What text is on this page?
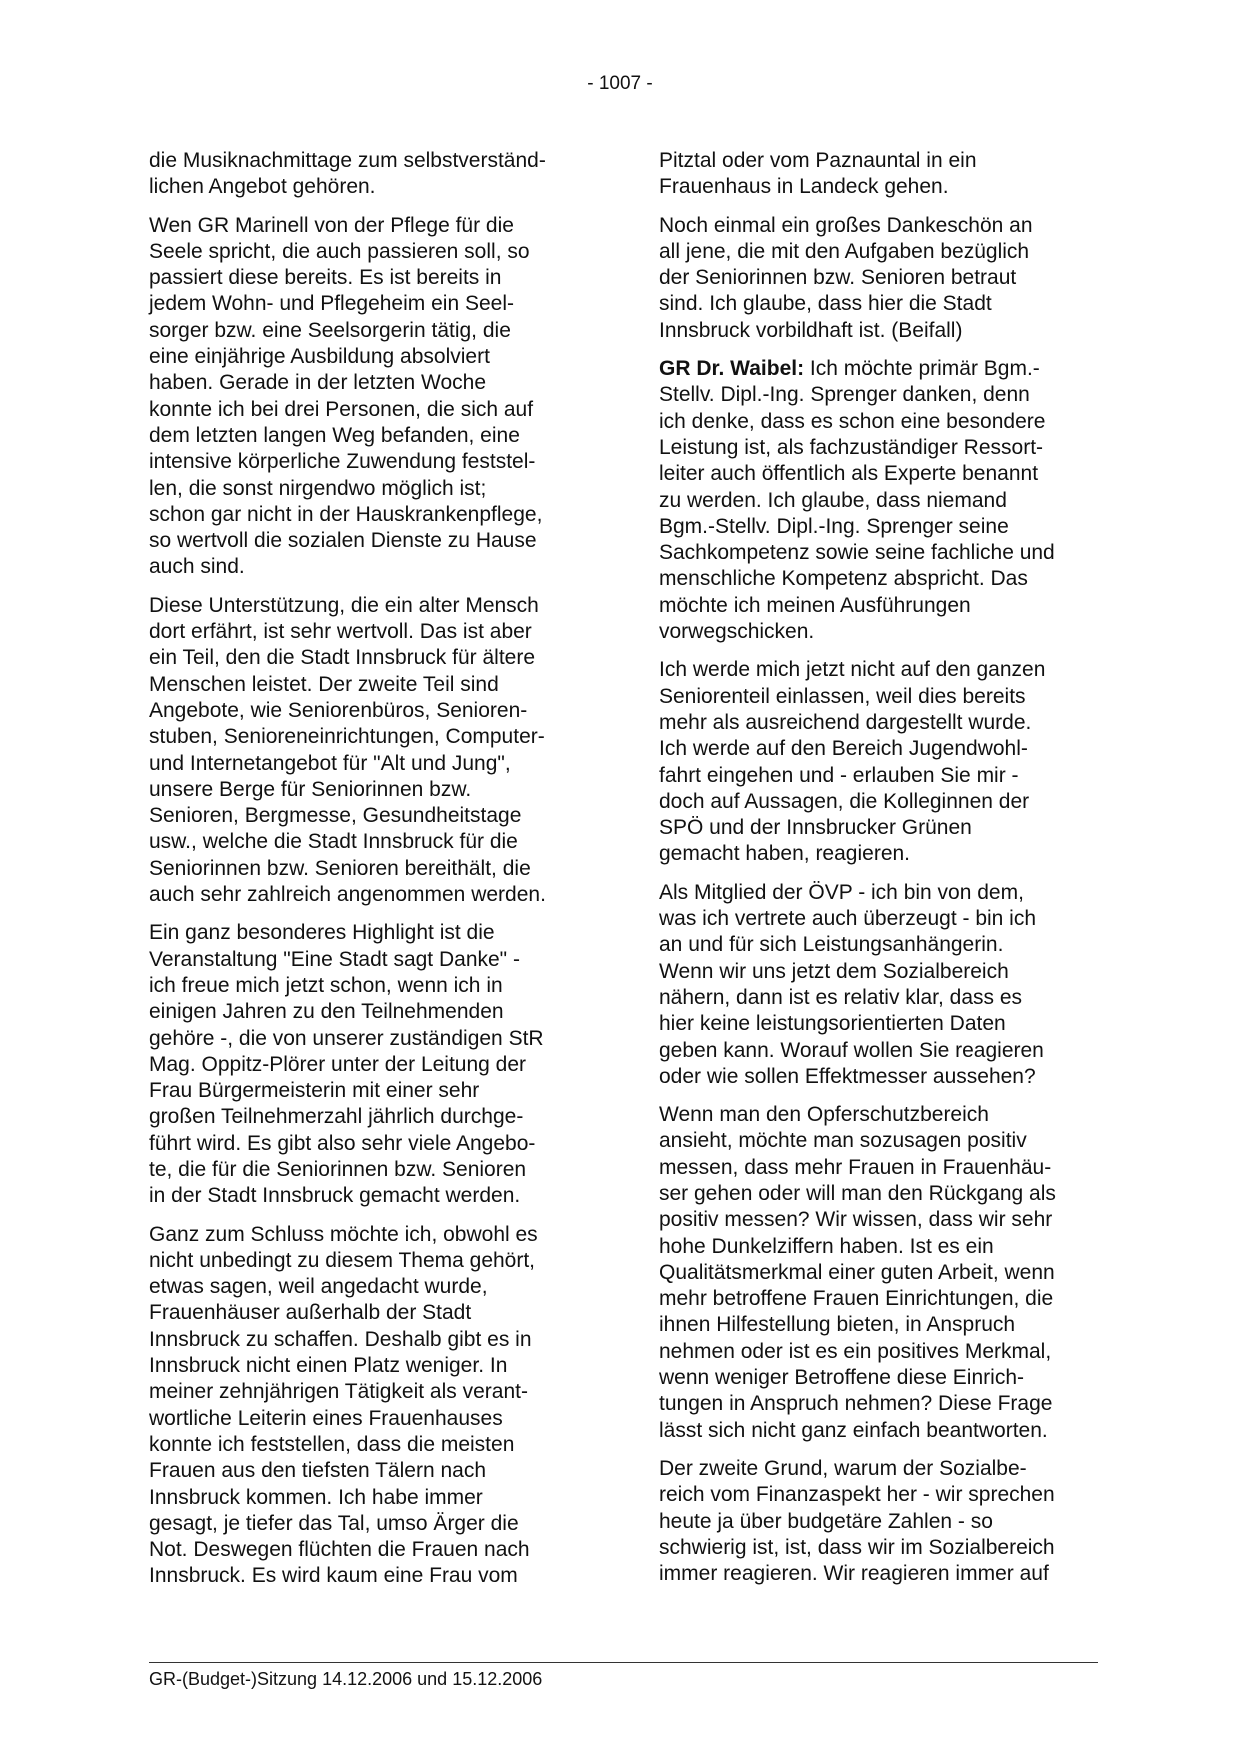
- 1007 -

die Musiknachmittage zum selbstverständ-
lichen Angebot gehören.

Wen GR Marinell von der Pflege für die
Seele spricht, die auch passieren soll, so
passiert diese bereits. Es ist bereits in
jedem Wohn- und Pflegeheim ein Seel-
sorger bzw. eine Seelsorgerin tätig, die
eine einjährige Ausbildung absolviert
haben. Gerade in der letzten Woche
konnte ich bei drei Personen, die sich auf
dem letzten langen Weg befanden, eine
intensive körperliche Zuwendung feststel-
len, die sonst nirgendwo möglich ist;
schon gar nicht in der Hauskrankenpflege,
so wertvoll die sozialen Dienste zu Hause
auch sind.

Diese Unterstützung, die ein alter Mensch
dort erfährt, ist sehr wertvoll. Das ist aber
ein Teil, den die Stadt Innsbruck für ältere
Menschen leistet. Der zweite Teil sind
Angebote, wie Seniorenbüros, Senioren-
stuben, Senioreneinrichtungen, Computer-
und Internetangebot für "Alt und Jung",
unsere Berge für Seniorinnen bzw.
Senioren, Bergmesse, Gesundheitstage
usw., welche die Stadt Innsbruck für die
Seniorinnen bzw. Senioren bereithält, die
auch sehr zahlreich angenommen werden.

Ein ganz besonderes Highlight ist die
Veranstaltung "Eine Stadt sagt Danke" -
ich freue mich jetzt schon, wenn ich in
einigen Jahren zu den Teilnehmenden
gehöre -, die von unserer zuständigen StR
Mag. Oppitz-Plörer unter der Leitung der
Frau Bürgermeisterin mit einer sehr
großen Teilnehmerzahl jährlich durchge-
führt wird. Es gibt also sehr viele Angebo-
te, die für die Seniorinnen bzw. Senioren
in der Stadt Innsbruck gemacht werden.

Ganz zum Schluss möchte ich, obwohl es
nicht unbedingt zu diesem Thema gehört,
etwas sagen, weil angedacht wurde,
Frauenhäuser außerhalb der Stadt
Innsbruck zu schaffen. Deshalb gibt es in
Innsbruck nicht einen Platz weniger. In
meiner zehnjährigen Tätigkeit als verant-
wortliche Leiterin eines Frauenhauses
konnte ich feststellen, dass die meisten
Frauen aus den tiefsten Tälern nach
Innsbruck kommen. Ich habe immer
gesagt, je tiefer das Tal, umso Ärger die
Not. Deswegen flüchten die Frauen nach
Innsbruck. Es wird kaum eine Frau vom

Pitztal oder vom Paznauntal in ein
Frauenhaus in Landeck gehen.

Noch einmal ein großes Dankeschön an
all jene, die mit den Aufgaben bezüglich
der Seniorinnen bzw. Senioren betraut
sind. Ich glaube, dass hier die Stadt
Innsbruck vorbildhaft ist. (Beifall)

GR Dr. Waibel: Ich möchte primär Bgm.-
Stellv. Dipl.-Ing. Sprenger danken, denn
ich denke, dass es schon eine besondere
Leistung ist, als fachzuständiger Ressort-
leiter auch öffentlich als Experte benannt
zu werden. Ich glaube, dass niemand
Bgm.-Stellv. Dipl.-Ing. Sprenger seine
Sachkompetenz sowie seine fachliche und
menschliche Kompetenz abspricht. Das
möchte ich meinen Ausführungen
vorwegschicken.

Ich werde mich jetzt nicht auf den ganzen
Seniorenteil einlassen, weil dies bereits
mehr als ausreichend dargestellt wurde.
Ich werde auf den Bereich Jugendwohl-
fahrt eingehen und - erlauben Sie mir -
doch auf Aussagen, die Kolleginnen der
SPÖ und der Innsbrucker Grünen
gemacht haben, reagieren.

Als Mitglied der ÖVP - ich bin von dem,
was ich vertrete auch überzeugt - bin ich
an und für sich Leistungsanhängerin.
Wenn wir uns jetzt dem Sozialbereich
nähern, dann ist es relativ klar, dass es
hier keine leistungsorientierten Daten
geben kann. Worauf wollen Sie reagieren
oder wie sollen Effektmesser aussehen?

Wenn man den Opferschutzbereich
ansieht, möchte man sozusagen positiv
messen, dass mehr Frauen in Frauenhäu-
ser gehen oder will man den Rückgang als
positiv messen? Wir wissen, dass wir sehr
hohe Dunkelziffern haben. Ist es ein
Qualitätsmerkmal einer guten Arbeit, wenn
mehr betroffene Frauen Einrichtungen, die
ihnen Hilfestellung bieten, in Anspruch
nehmen oder ist es ein positives Merkmal,
wenn weniger Betroffene diese Einrich-
tungen in Anspruch nehmen? Diese Frage
lässt sich nicht ganz einfach beantworten.

Der zweite Grund, warum der Sozialbe-
reich vom Finanzaspekt her - wir sprechen
heute ja über budgetäre Zahlen - so
schwierig ist, ist, dass wir im Sozialbereich
immer reagieren. Wir reagieren immer auf

GR-(Budget-)Sitzung 14.12.2006 und 15.12.2006
